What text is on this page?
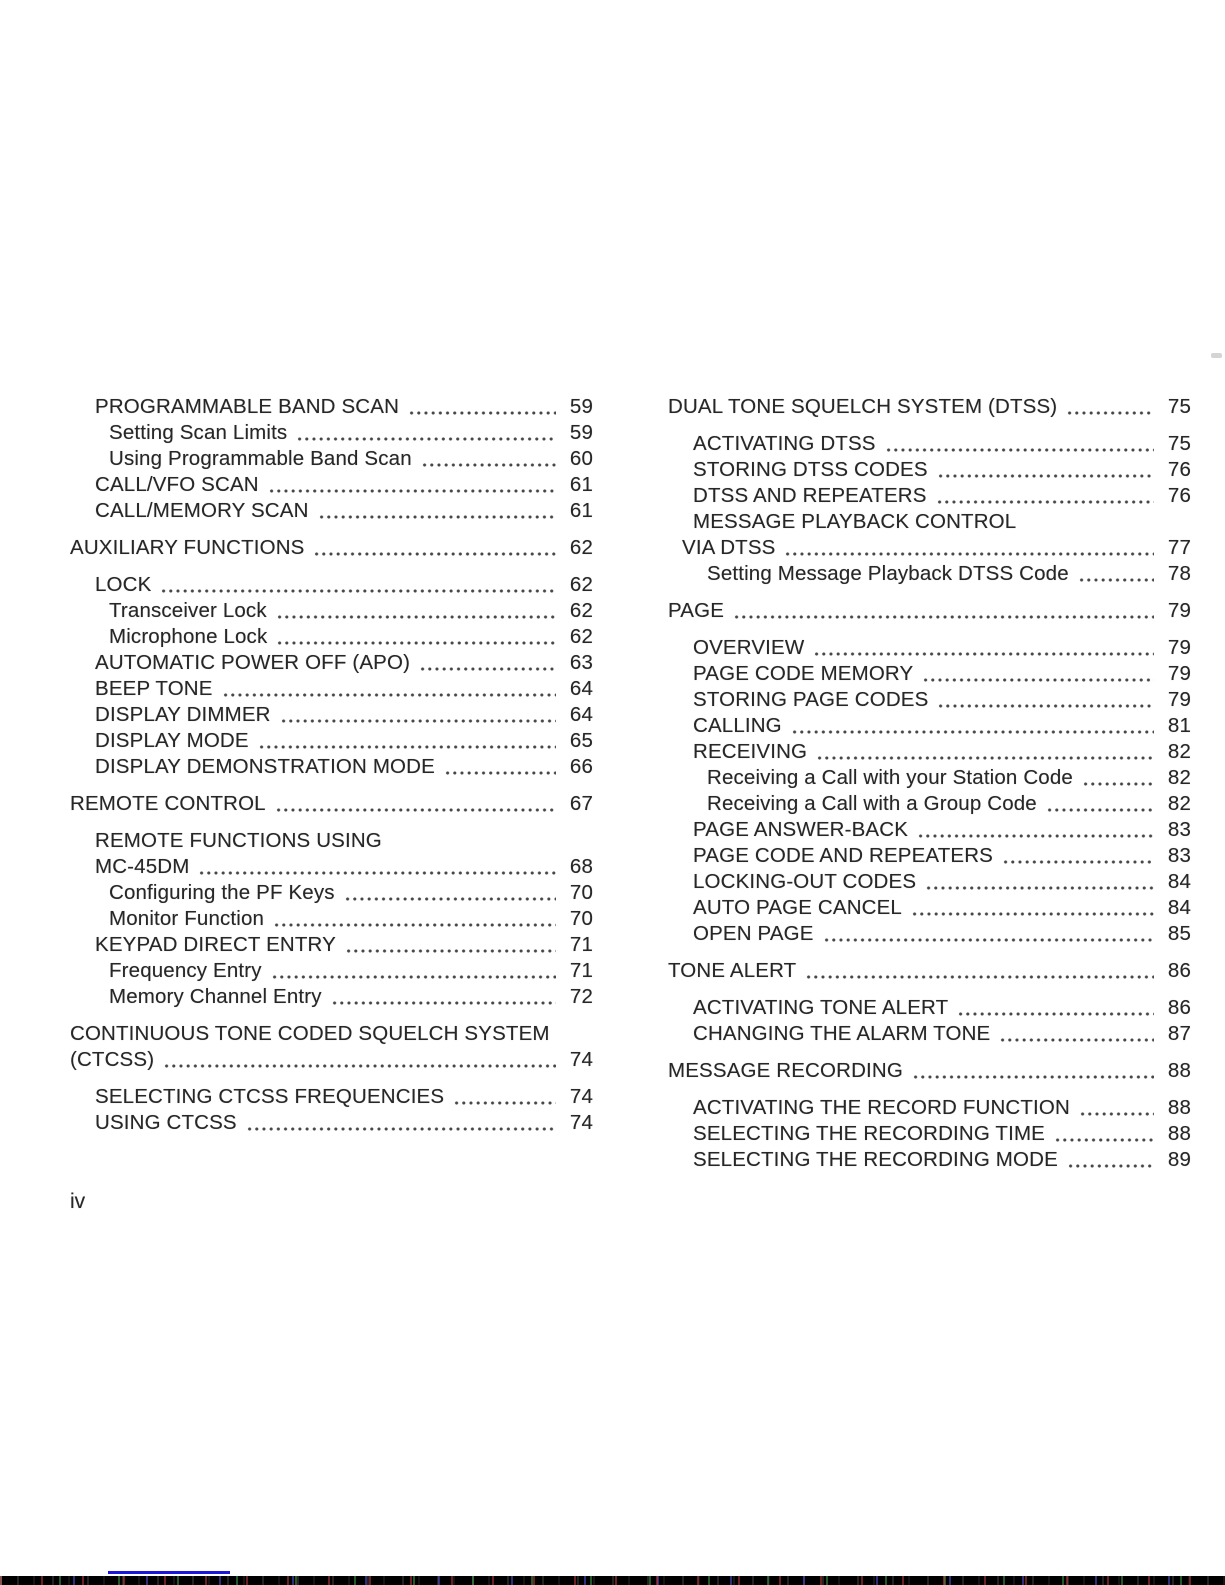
PROGRAMMABLE BAND SCAN	59
Setting Scan Limits	59
Using Programmable Band Scan	60
CALL/VFO SCAN	61
CALL/MEMORY SCAN	61
AUXILIARY FUNCTIONS	62
LOCK	62
Transceiver Lock	62
Microphone Lock	62
AUTOMATIC POWER OFF (APO)	63
BEEP TONE	64
DISPLAY DIMMER	64
DISPLAY MODE	65
DISPLAY DEMONSTRATION MODE	66
REMOTE CONTROL	67
REMOTE FUNCTIONS USING
MC-45DM	68
Configuring the PF Keys	70
Monitor Function	70
KEYPAD DIRECT ENTRY	71
Frequency Entry	71
Memory Channel Entry	72
CONTINUOUS TONE CODED SQUELCH SYSTEM
(CTCSS)	74
SELECTING CTCSS FREQUENCIES	74
USING CTCSS	74
DUAL TONE SQUELCH SYSTEM (DTSS)	75
ACTIVATING DTSS	75
STORING DTSS CODES	76
DTSS AND REPEATERS	76
MESSAGE PLAYBACK CONTROL
VIA DTSS	77
Setting Message Playback DTSS Code	78
PAGE	79
OVERVIEW	79
PAGE CODE MEMORY	79
STORING PAGE CODES	79
CALLING	81
RECEIVING	82
Receiving a Call with your Station Code	82
Receiving a Call with a Group Code	82
PAGE ANSWER-BACK	83
PAGE CODE AND REPEATERS	83
LOCKING-OUT CODES	84
AUTO PAGE CANCEL	84
OPEN PAGE	85
TONE ALERT	86
ACTIVATING TONE ALERT	86
CHANGING THE ALARM TONE	87
MESSAGE RECORDING	88
ACTIVATING THE RECORD FUNCTION	88
SELECTING THE RECORDING TIME	88
SELECTING THE RECORDING MODE	89
iv
